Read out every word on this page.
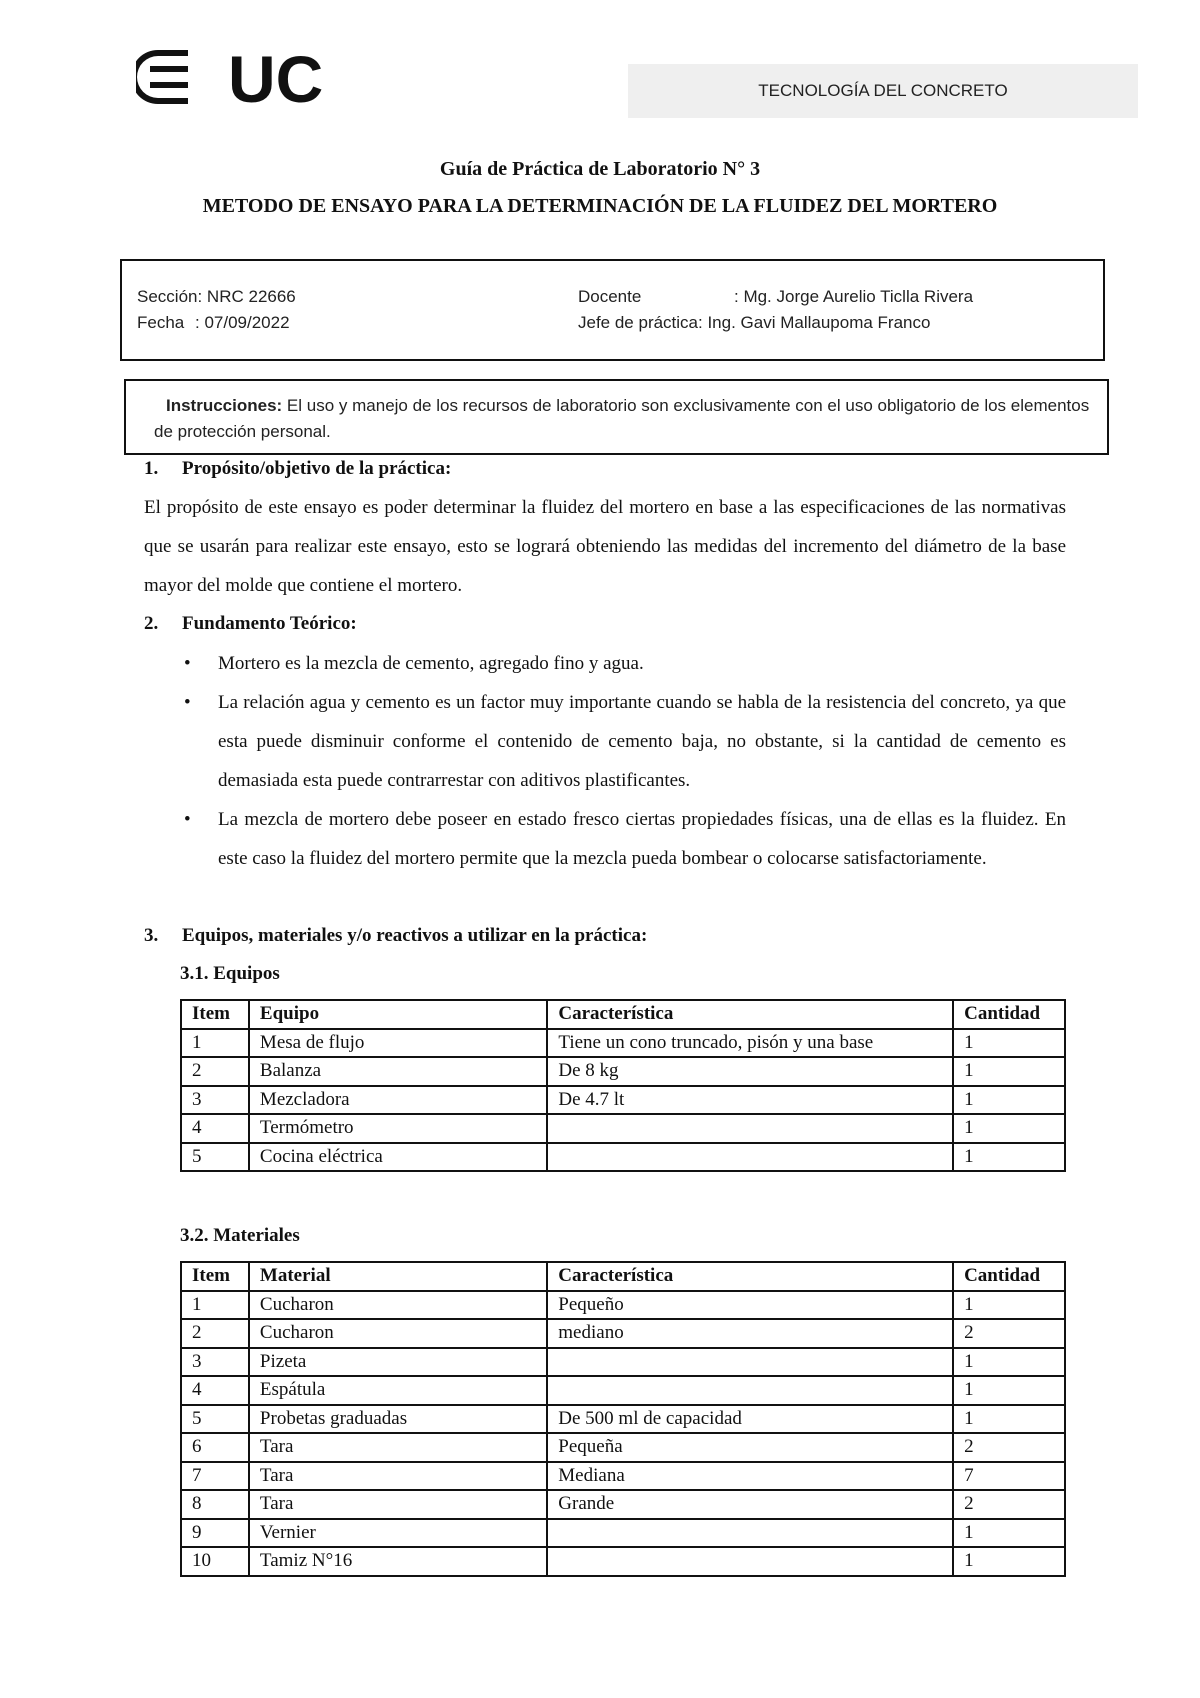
UC	TECNOLOGÍA DEL CONCRETO
Guía de Práctica de Laboratorio N° 3
METODO DE ENSAYO PARA LA DETERMINACIÓN DE LA FLUIDEZ DEL MORTERO
Sección: NRC 22666
Fecha : 07/09/2022
Docente	: Mg. Jorge Aurelio Ticlla Rivera
Jefe de práctica: Ing. Gavi Mallaupoma Franco
Instrucciones: El uso y manejo de los recursos de laboratorio son exclusivamente con el uso obligatorio de los elementos de protección personal.
1. Propósito/objetivo de la práctica:
El propósito de este ensayo es poder determinar la fluidez del mortero en base a las especificaciones de las normativas que se usarán para realizar este ensayo, esto se logrará obteniendo las medidas del incremento del diámetro de la base mayor del molde que contiene el mortero.
2. Fundamento Teórico:
• Mortero es la mezcla de cemento, agregado fino y agua.
• La relación agua y cemento es un factor muy importante cuando se habla de la resistencia del concreto, ya que esta puede disminuir conforme el contenido de cemento baja, no obstante, si la cantidad de cemento es demasiada esta puede contrarrestar con aditivos plastificantes.
• La mezcla de mortero debe poseer en estado fresco ciertas propiedades físicas, una de ellas es la fluidez. En este caso la fluidez del mortero permite que la mezcla pueda bombear o colocarse satisfactoriamente.
3. Equipos, materiales y/o reactivos a utilizar en la práctica:
3.1. Equipos
Item	Equipo	Característica	Cantidad
1	Mesa de flujo	Tiene un cono truncado, pisón y una base	1
2	Balanza	De 8 kg	1
3	Mezcladora	De 4.7 lt	1
4	Termómetro		1
5	Cocina eléctrica		1
3.2. Materiales
Item	Material	Característica	Cantidad
1	Cucharon	Pequeño	1
2	Cucharon	mediano	2
3	Pizeta		1
4	Espátula		1
5	Probetas graduadas	De 500 ml de capacidad	1
6	Tara	Pequeña	2
7	Tara	Mediana	7
8	Tara	Grande	2
9	Vernier		1
10	Tamiz N°16		1
